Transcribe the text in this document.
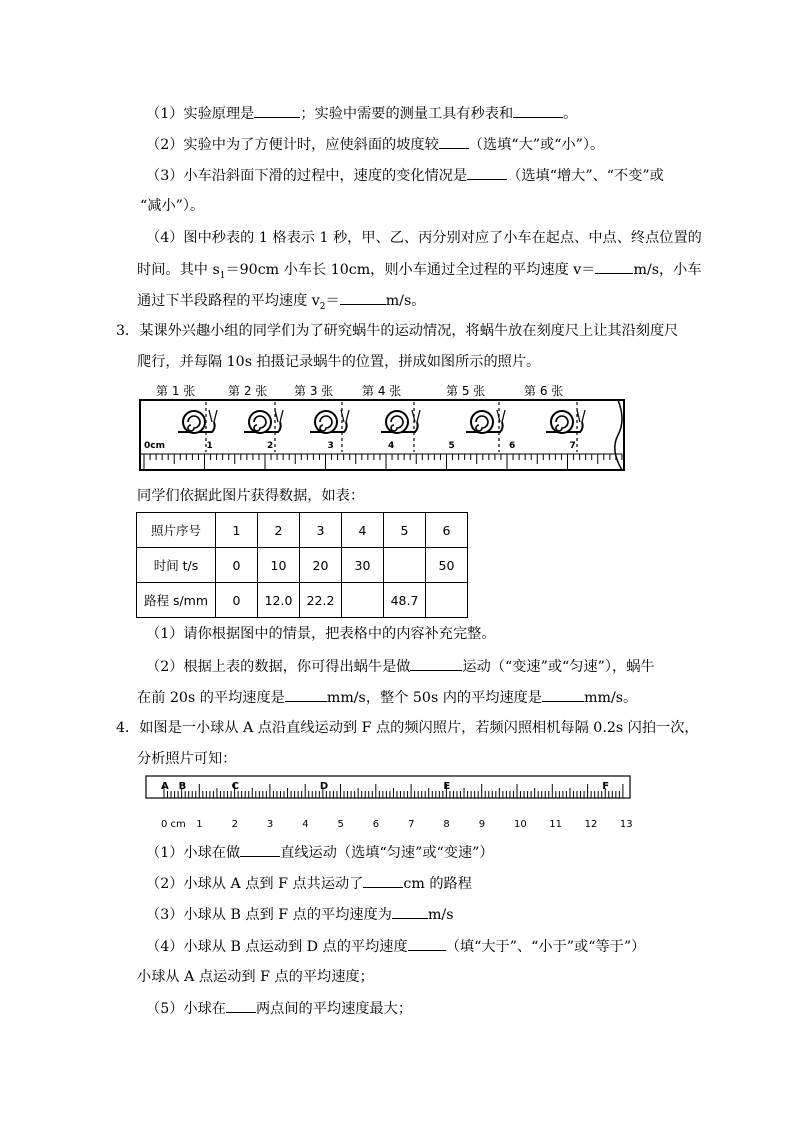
（1）实验原理是	；实验中需要的测量工具有秒表和	。
（2）实验中为了方便计时，应使斜面的坡度较 （选填“大”或“小”）。
（3）小车沿斜面下滑的过程中，速度的变化情况是	（选填“增大”、“不变”或
“减小”）。
（4）图中秒表的 1 格表示 1 秒，甲、乙、丙分别对应了小车在起点、中点、终点位置的
时间。其中 $s_1=90cm$ 小车长 10cm，则小车通过全过程的平均速度 v＝	m/s，小车
通过下半段路程的平均速度 $v_2=$	m/s。
3．某课外兴趣小组的同学们为了研究蜗牛的运动情况，将蜗牛放在刻度尺上让其沿刻度尺
爬行，并每隔 10s 拍摄记录蜗牛的位置，拼成如图所示的照片。
第 1 张	第 2 张 第 3 张 第 4 张	第 5 张	第 6 张
0cm	1	2	3	4	5	6	7
同学们依据此图片获得数据，如表：
照片序号	1	2	3	4	5	6
时间 t/s	0	10	20	30		50
路程 s/mm	0	12.0	22.2		48.7	
（1）请你根据图中的情景，把表格中的内容补充完整。
（2）根据上表的数据，你可得出蜗牛是做	运动（“变速”或“匀速”），蜗牛
在前 20s 的平均速度是	mm/s，整个 50s 内的平均速度是	mm/s。
4．如图是一小球从 A 点沿直线运动到 F 点的频闪照片，若频闪照相机每隔 0.2s 闪拍一次，
分析照片可知：
A B	C	D	E	F
0 cm 1	2	3	4	5	6	7	8	9	10 11 12 13
（1）小球在做	直线运动（选填“匀速”或“变速”）
（2）小球从 A 点到 F 点共运动了	cm 的路程
（3）小球从 B 点到 F 点的平均速度为	m/s
（4）小球从 B 点运动到 D 点的平均速度	（填“大于”、“小于”或“等于”）
小球从 A 点运动到 F 点的平均速度；
（5）小球在 两点间的平均速度最大；
